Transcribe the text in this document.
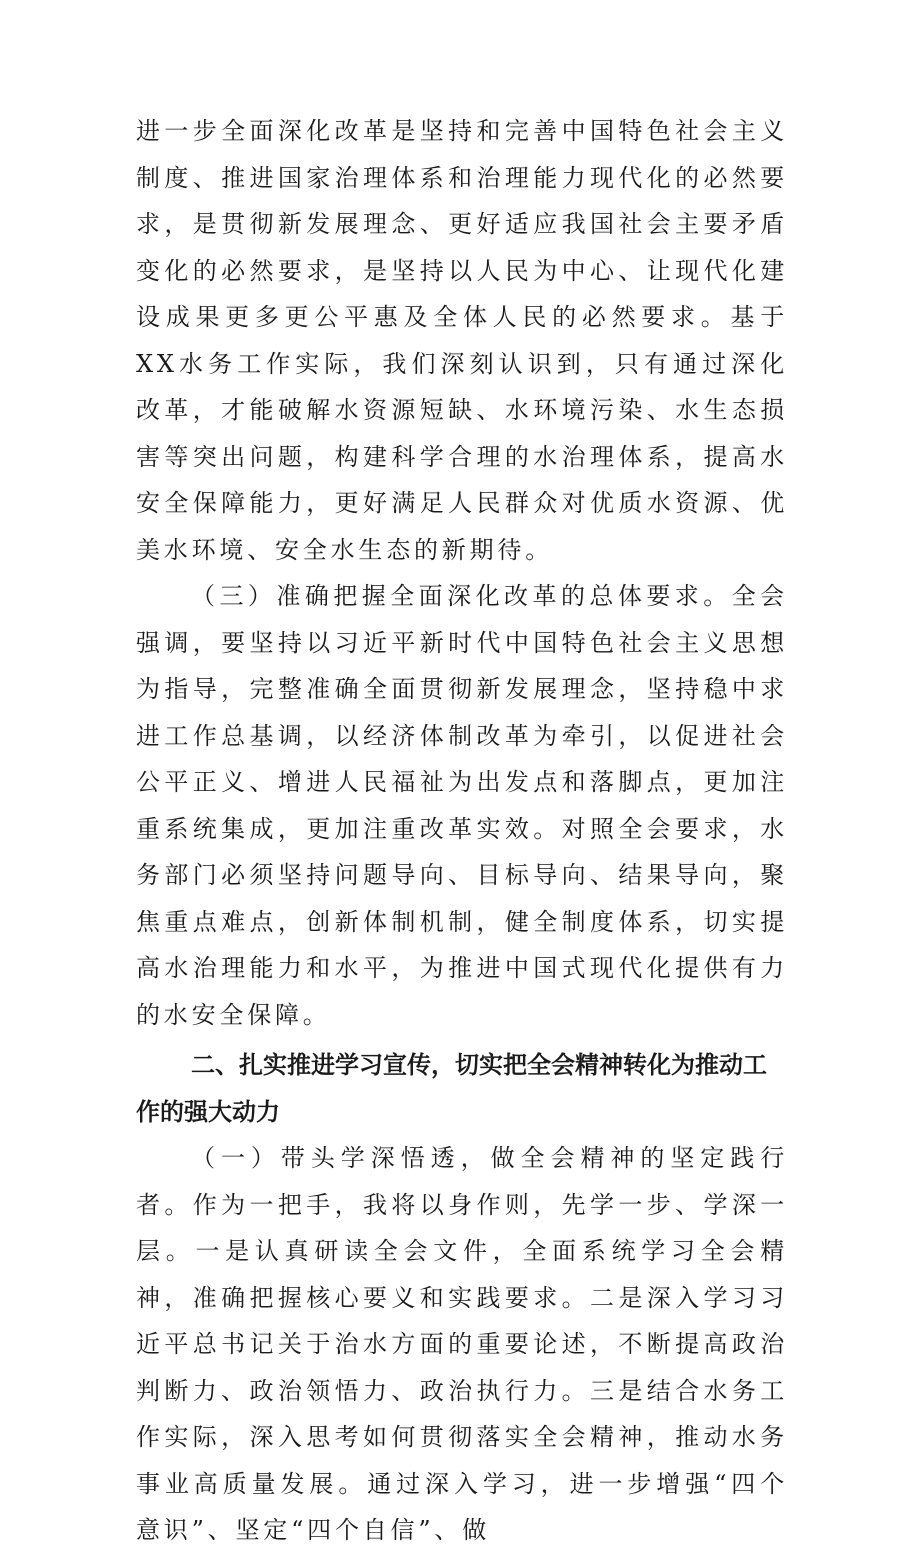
进一步全面深化改革是坚持和完善中国特色社会主义制度、推进国家治理体系和治理能力现代化的必然要求，是贯彻新发展理念、更好适应我国社会主要矛盾变化的必然要求，是坚持以人民为中心、让现代化建设成果更多更公平惠及全体人民的必然要求。基于XX水务工作实际，我们深刻认识到，只有通过深化改革，才能破解水资源短缺、水环境污染、水生态损害等突出问题，构建科学合理的水治理体系，提高水安全保障能力，更好满足人民群众对优质水资源、优美水环境、安全水生态的新期待。

（三）准确把握全面深化改革的总体要求。全会强调，要坚持以习近平新时代中国特色社会主义思想为指导，完整准确全面贯彻新发展理念，坚持稳中求进工作总基调，以经济体制改革为牵引，以促进社会公平正义、增进人民福祉为出发点和落脚点，更加注重系统集成，更加注重改革实效。对照全会要求，水务部门必须坚持问题导向、目标导向、结果导向，聚焦重点难点，创新体制机制，健全制度体系，切实提高水治理能力和水平，为推进中国式现代化提供有力的水安全保障。

二、扎实推进学习宣传，切实把全会精神转化为推动工作的强大动力

（一）带头学深悟透，做全会精神的坚定践行者。作为一把手，我将以身作则，先学一步、学深一层。一是认真研读全会文件，全面系统学习全会精神，准确把握核心要义和实践要求。二是深入学习习近平总书记关于治水方面的重要论述，不断提高政治判断力、政治领悟力、政治执行力。三是结合水务工作实际，深入思考如何贯彻落实全会精神，推动水务事业高质量发展。通过深入学习，进一步增强“四个意识”、坚定“四个自信”、做
